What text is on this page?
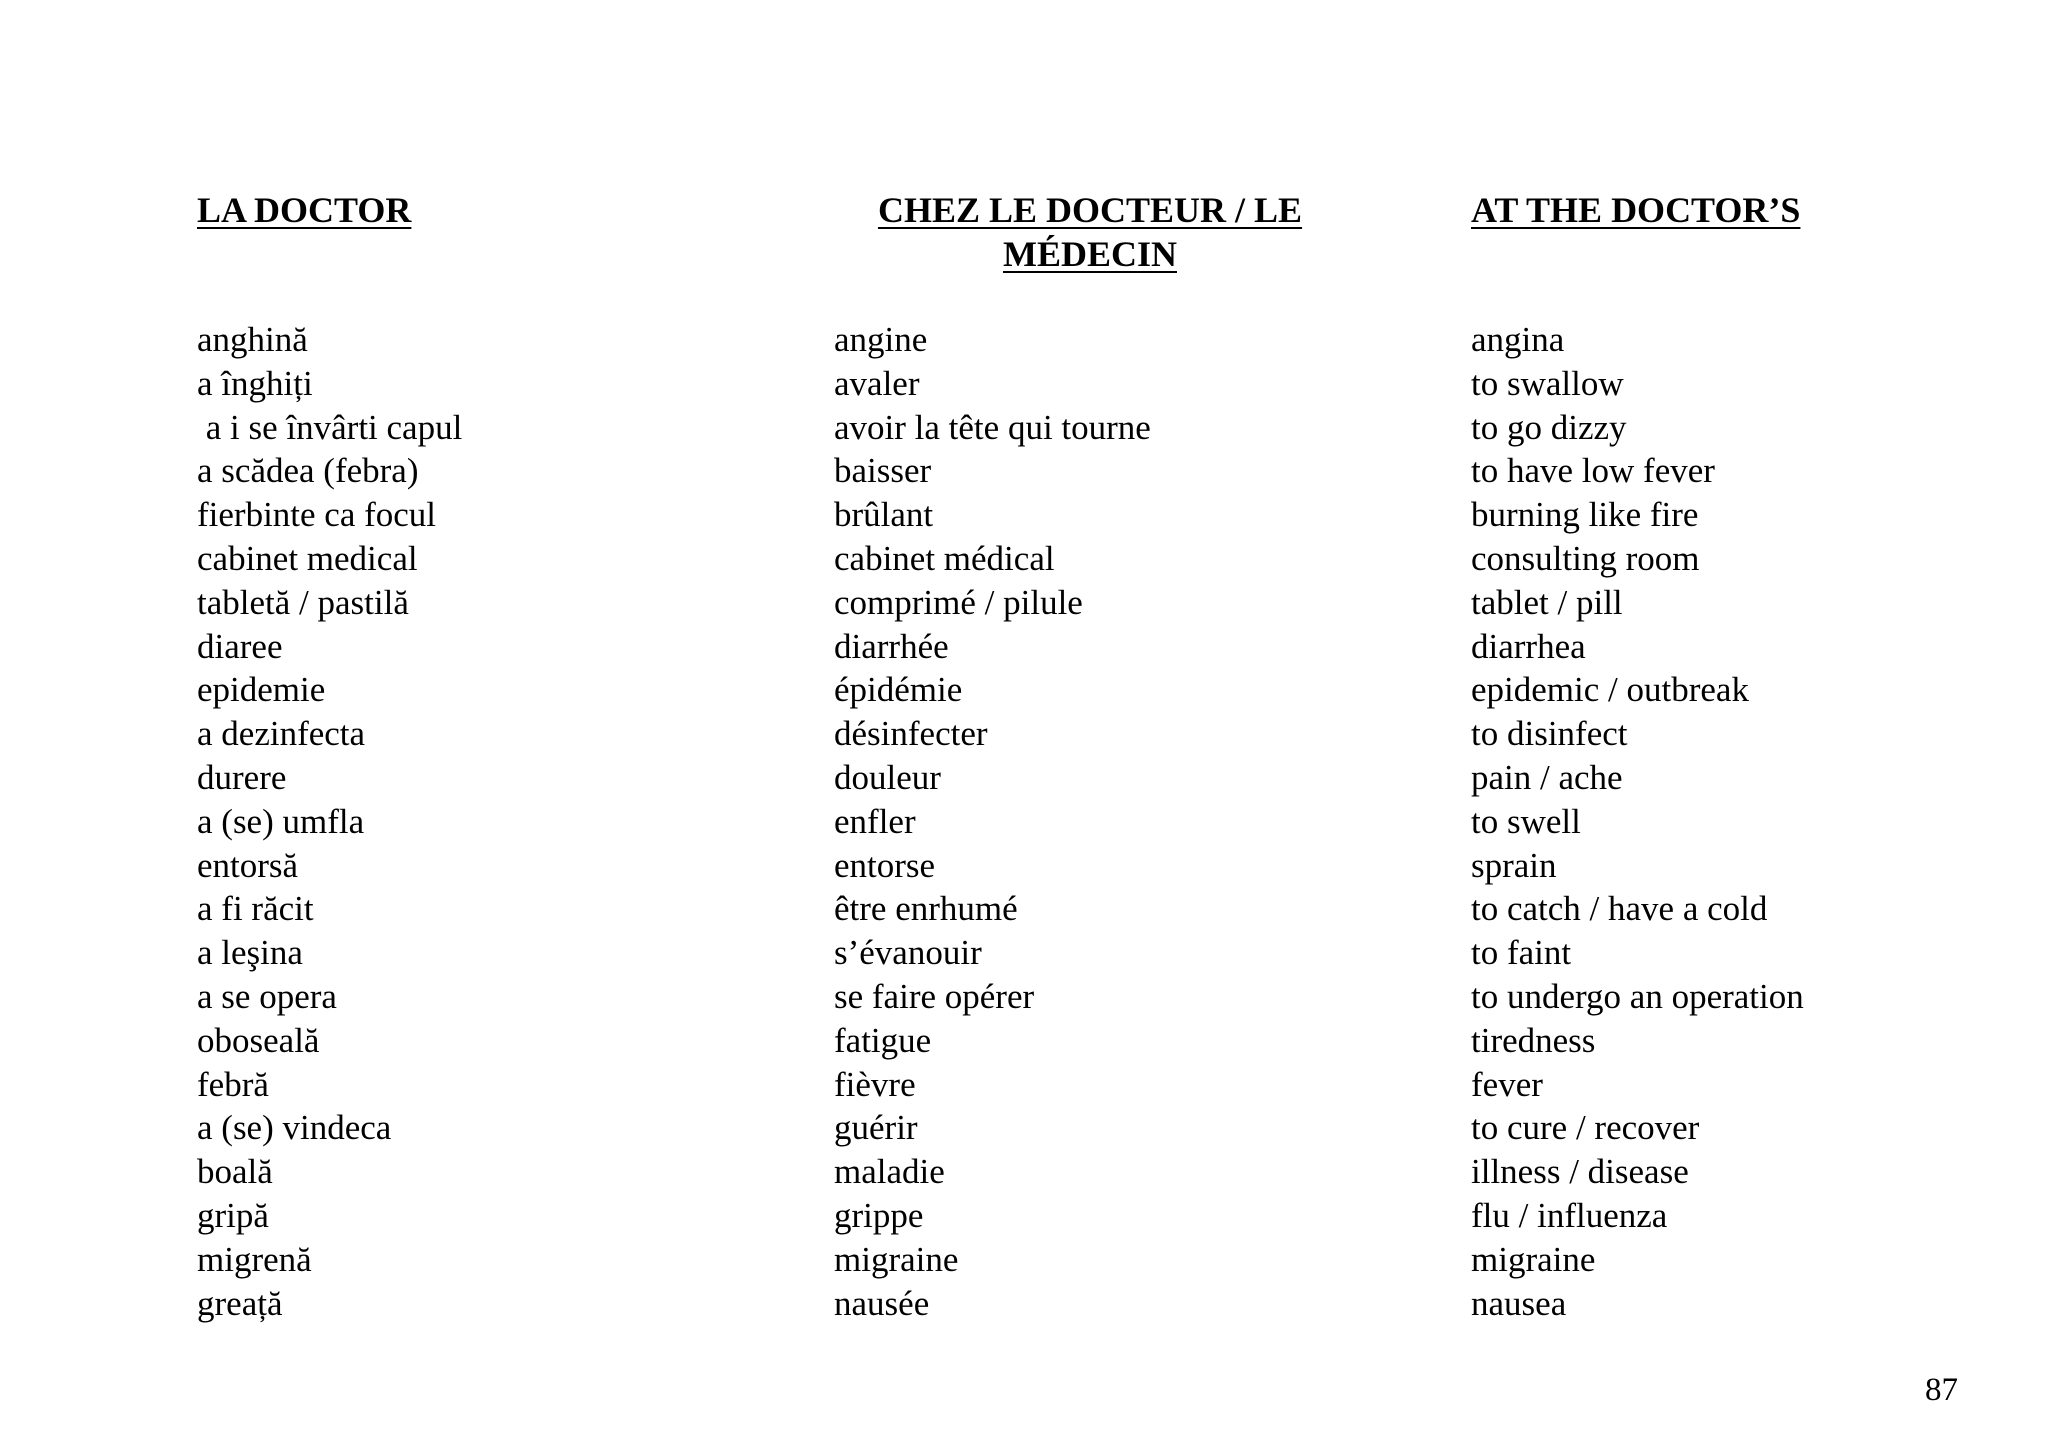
LA DOCTOR	CHEZ LE DOCTEUR / LE
MÉDECIN
AT THE DOCTOR’S
anghină
a înghiți
a i se învârti capul
a scădea (febra)
fierbinte ca focul
cabinet medical
tabletă / pastilă
diaree
epidemie
a dezinfecta
durere
a (se) umfla
entorsă
a fi răcit
a leşina
a se opera
oboseală
febră
a (se) vindeca
boală
gripă
migrenă
greață
angine
avaler
avoir la tête qui tourne
baisser
brûlant
cabinet médical
comprimé / pilule
diarrhée
épidémie
désinfecter
douleur
enfler
entorse
être enrhumé
s’évanouir
se faire opérer
fatigue
fièvre
guérir
maladie
grippe
migraine
nausée
angina
to swallow
to go dizzy
to have low fever
burning like fire
consulting room
tablet / pill
diarrhea
epidemic / outbreak
to disinfect
pain / ache
to swell
sprain
to catch / have a cold
to faint
to undergo an operation
tiredness
fever
to cure / recover
illness / disease
flu / influenza
migraine
nausea
87
